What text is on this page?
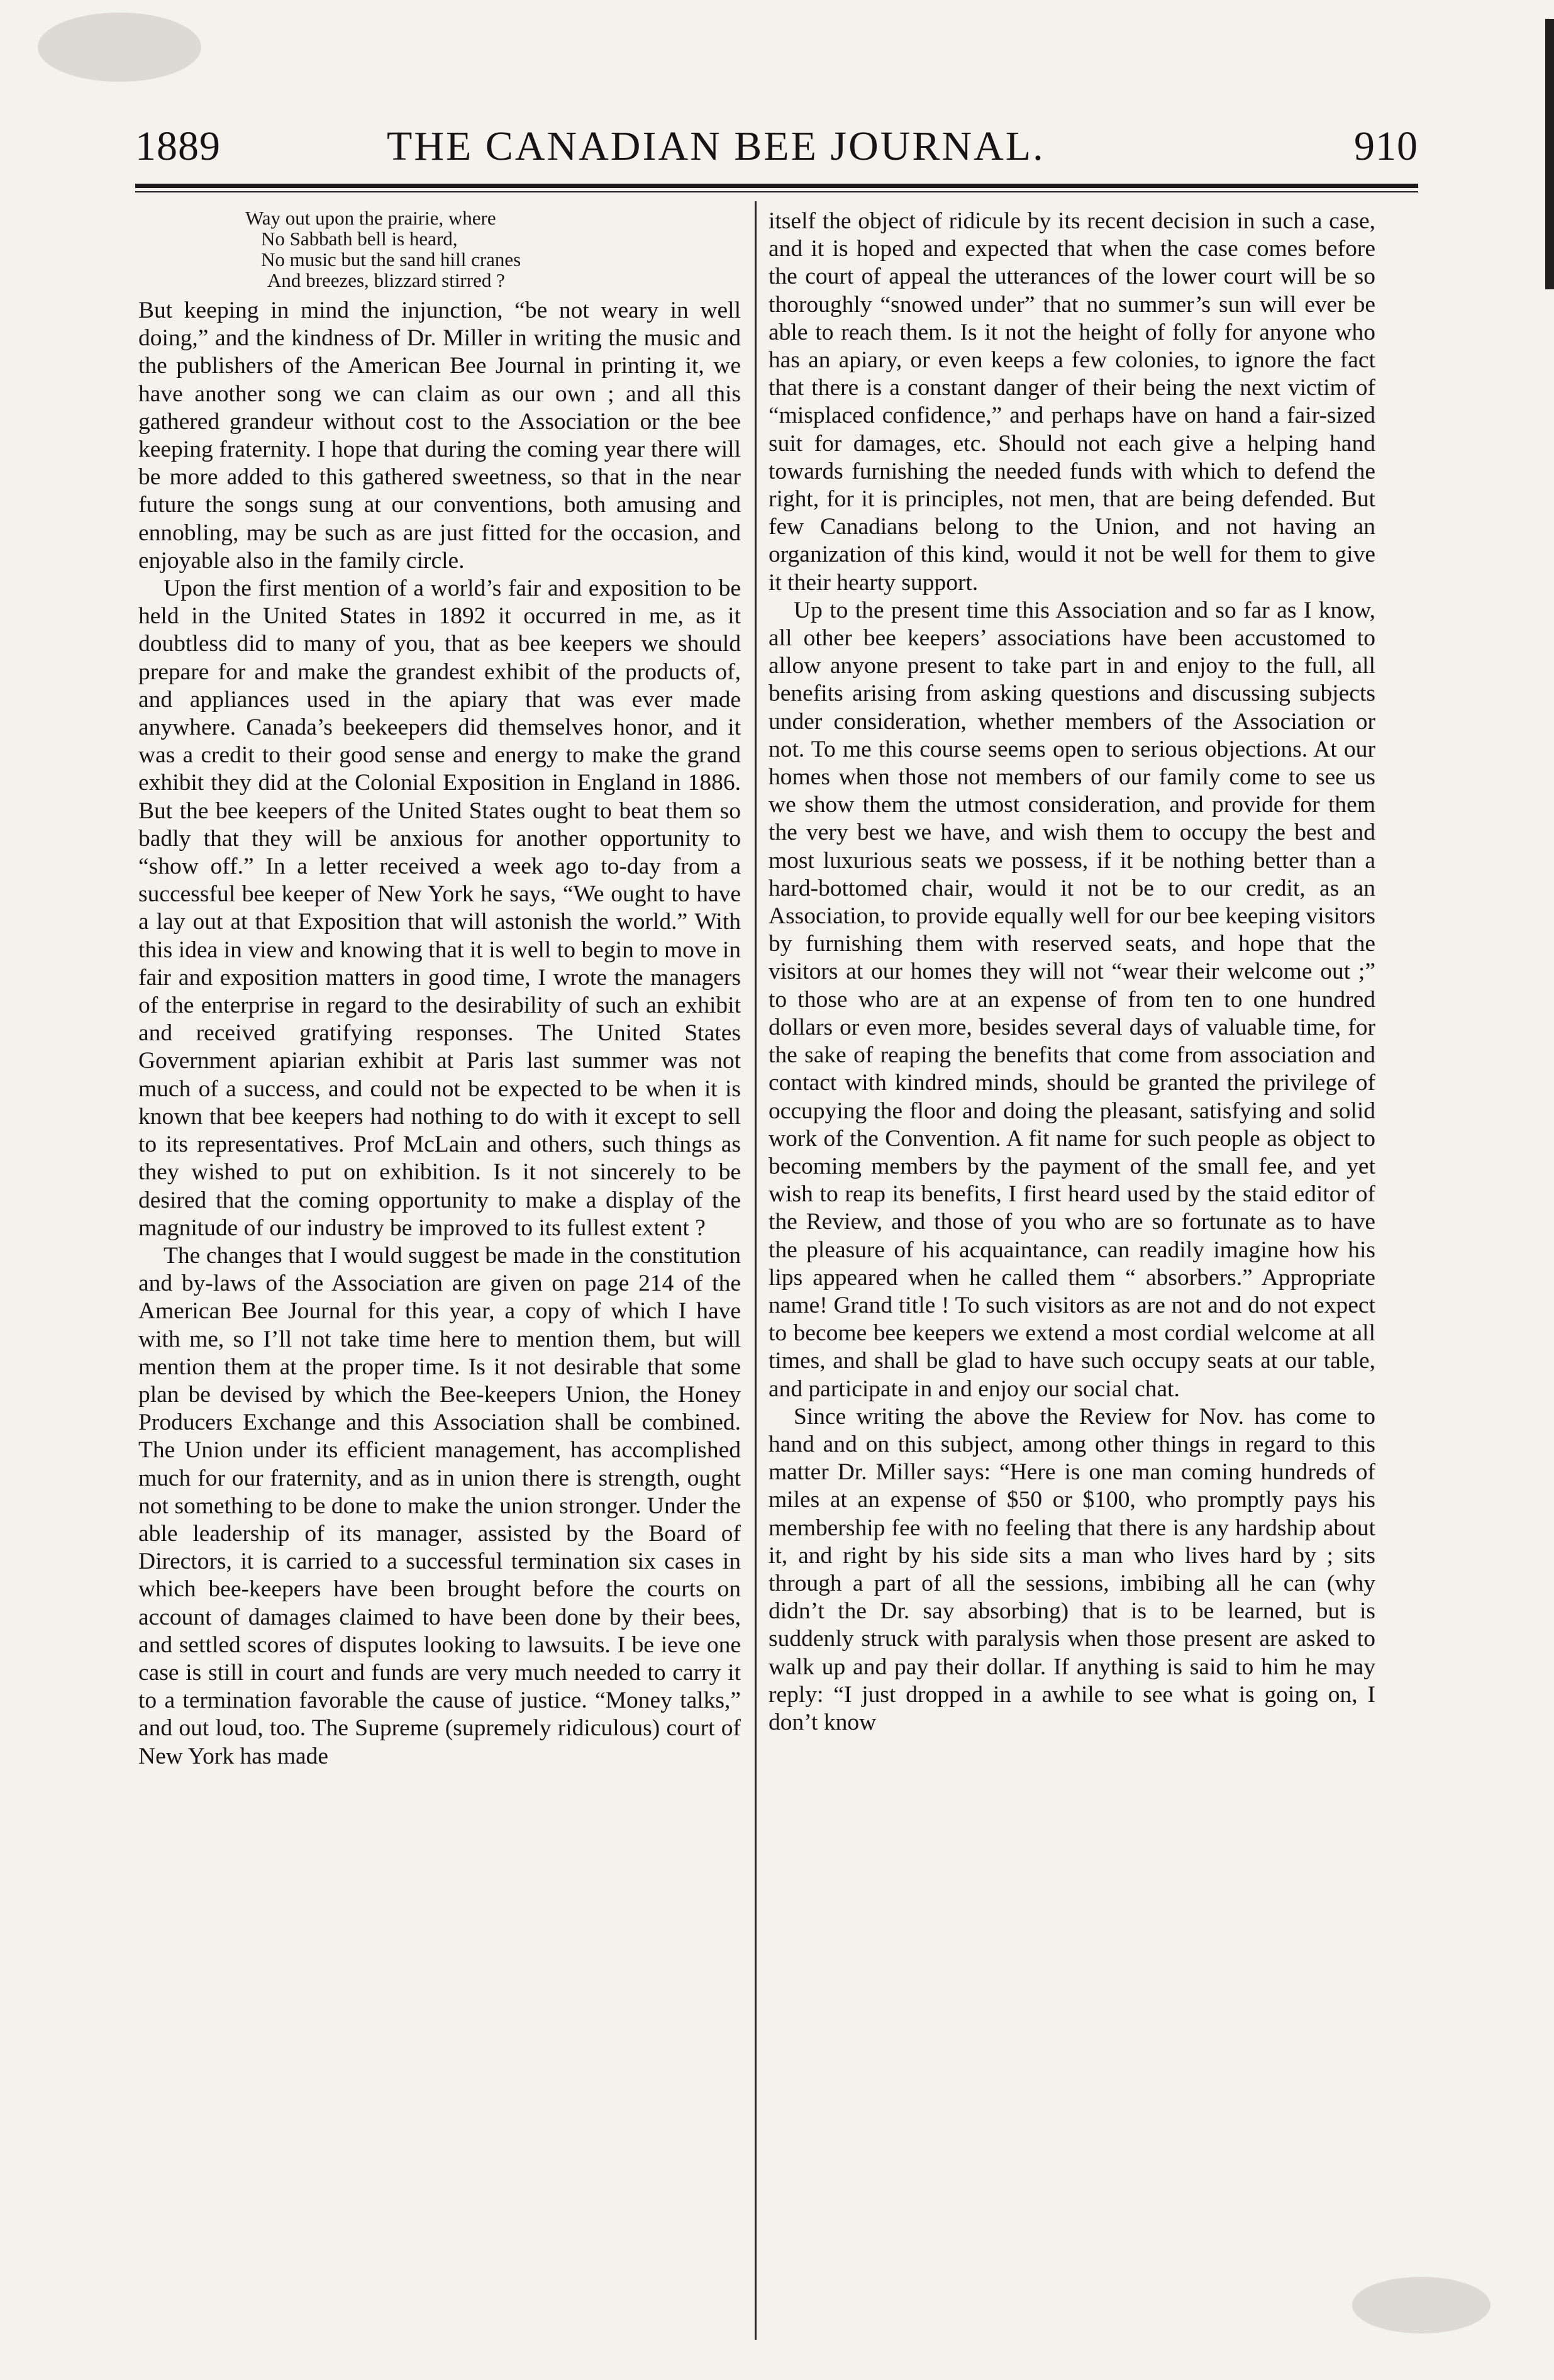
1889	THE CANADIAN BEE JOURNAL.	910
Way out upon the prairie, where
No Sabbath bell is heard,
No music but the sand hill cranes
And breezes, blizzard stirred ?

But keeping in mind the injunction, “be not weary in well doing,” and the kindness of Dr. Miller in writing the music and the publishers of the American Bee Journal in printing it, we have another song we can claim as our own ; and all this gathered grandeur without cost to the Association or the bee keeping fraternity. I hope that during the coming year there will be more added to this gathered sweetness, so that in the near future the songs sung at our conventions, both amusing and ennobling, may be such as are just fitted for the occasion, and enjoyable also in the family circle.

Upon the first mention of a world’s fair and exposition to be held in the United States in 1892 it occurred in me, as it doubtless did to many of you, that as bee keepers we should prepare for and make the grandest exhibit of the products of, and appliances used in the apiary that was ever made anywhere. Canada’s beekeepers did themselves honor, and it was a credit to their good sense and energy to make the grand exhibit they did at the Colonial Exposition in England in 1886. But the bee keepers of the United States ought to beat them so badly that they will be anxious for another opportunity to “show off.” In a letter received a week ago to-day from a successful bee keeper of New York he says, “We ought to have a lay out at that Exposition that will astonish the world.” With this idea in view and knowing that it is well to begin to move in fair and exposition matters in good time, I wrote the managers of the enterprise in regard to the desirability of such an exhibit and received gratifying responses. The United States Government apiarian exhibit at Paris last summer was not much of a success, and could not be expected to be when it is known that bee keepers had nothing to do with it except to sell to its representatives. Prof McLain and others, such things as they wished to put on exhibition. Is it not sincerely to be desired that the coming opportunity to make a display of the magnitude of our industry be improved to its fullest extent ?

The changes that I would suggest be made in the constitution and by-laws of the Association are given on page 214 of the American Bee Journal for this year, a copy of which I have with me, so I’ll not take time here to mention them, but will mention them at the proper time. Is it not desirable that some plan be devised by which the Bee-keepers Union, the Honey Producers Exchange and this Association shall be combined. The Union under its efficient management, has accomplished much for our fraternity, and as in union there is strength, ought not something to be done to make the union stronger. Under the able leadership of its manager, assisted by the Board of Directors, it is carried to a successful termination six cases in which bee-keepers have been brought before the courts on account of damages claimed to have been done by their bees, and settled scores of disputes looking to lawsuits. I be ieve one case is still in court and funds are very much needed to carry it to a termination favorable the cause of justice. “Money talks,” and out loud, too. The Supreme (supremely ridiculous) court of New York has made

itself the object of ridicule by its recent decision in such a case, and it is hoped and expected that when the case comes before the court of appeal the utterances of the lower court will be so thoroughly “snowed under” that no summer’s sun will ever be able to reach them. Is it not the height of folly for anyone who has an apiary, or even keeps a few colonies, to ignore the fact that there is a constant danger of their being the next victim of “misplaced confidence,” and perhaps have on hand a fair-sized suit for damages, etc. Should not each give a helping hand towards furnishing the needed funds with which to defend the right, for it is principles, not men, that are being defended. But few Canadians belong to the Union, and not having an organization of this kind, would it not be well for them to give it their hearty support.

Up to the present time this Association and so far as I know, all other bee keepers’ associations have been accustomed to allow anyone present to take part in and enjoy to the full, all benefits arising from asking questions and discussing subjects under consideration, whether members of the Association or not. To me this course seems open to serious objections. At our homes when those not members of our family come to see us we show them the utmost consideration, and provide for them the very best we have, and wish them to occupy the best and most luxurious seats we possess, if it be nothing better than a hard-bottomed chair, would it not be to our credit, as an Association, to provide equally well for our bee keeping visitors by furnishing them with reserved seats, and hope that the visitors at our homes they will not “wear their welcome out ;” to those who are at an expense of from ten to one hundred dollars or even more, besides several days of valuable time, for the sake of reaping the benefits that come from association and contact with kindred minds, should be granted the privilege of occupying the floor and doing the pleasant, satisfying and solid work of the Convention. A fit name for such people as object to becoming members by the payment of the small fee, and yet wish to reap its benefits, I first heard used by the staid editor of the Review, and those of you who are so fortunate as to have the pleasure of his acquaintance, can readily imagine how his lips appeared when he called them “ absorbers.” Appropriate name! Grand title ! To such visitors as are not and do not expect to become bee keepers we extend a most cordial welcome at all times, and shall be glad to have such occupy seats at our table, and participate in and enjoy our social chat.

Since writing the above the Review for Nov. has come to hand and on this subject, among other things in regard to this matter Dr. Miller says: “Here is one man coming hundreds of miles at an expense of $50 or $100, who promptly pays his membership fee with no feeling that there is any hardship about it, and right by his side sits a man who lives hard by ; sits through a part of all the sessions, imbibing all he can (why didn’t the Dr. say absorbing) that is to be learned, but is suddenly struck with paralysis when those present are asked to walk up and pay their dollar. If anything is said to him he may reply: “I just dropped in a awhile to see what is going on, I don’t know
